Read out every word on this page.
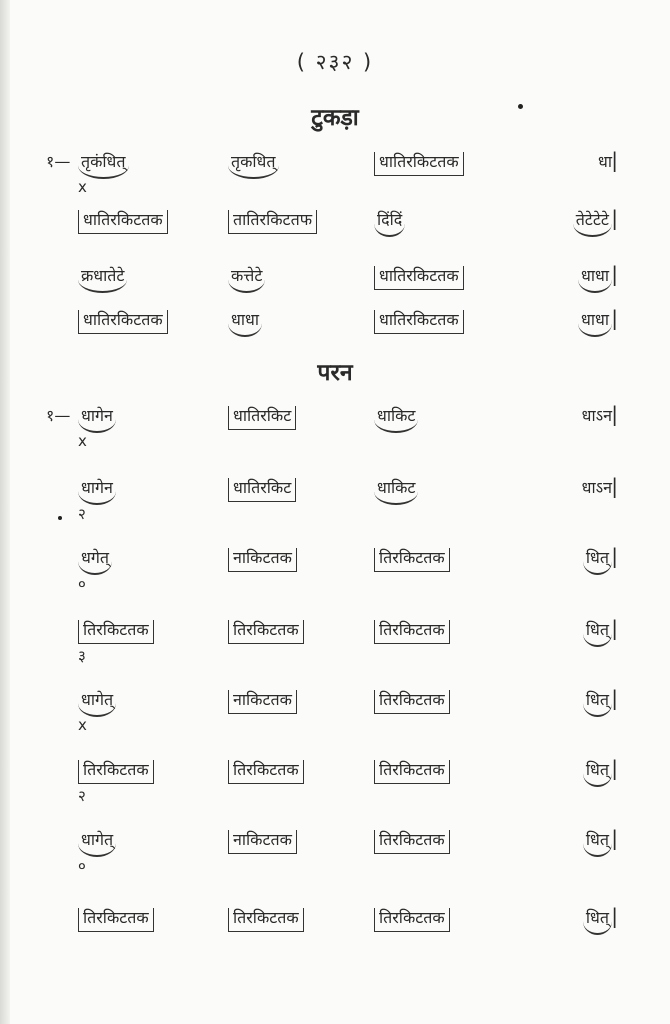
( २३२ )
टुकड़ा
१— तृकंधित्	तृकधित्	धातिरकिटतक	धा |
x
धातिरकिटतक	तातिरकिटतफ	दिंदिं	तेटेटेटे |
क्रधातेटे	कत्तेटे	धातिरकिटतक	धाधा |
धातिरकिटतक	धाधा	धातिरकिटतक	धाधा |
परन
१— धागेन	धातिरकिट	धाकिट	धाऽन |
x
धागेन	धातिरकिट	धाकिट	धाऽन |
२
धगेत्	नाकिटतक	तिरकिटतक	धित् |
०
तिरकिटतक	तिरकिटतक	तिरकिटतक	धित् |
३
धागेत्	नाकिटतक	तिरकिटतक	धित् |
x
तिरकिटतक	तिरकिटतक	तिरकिटतक	धित् |
२
धागेत्	नाकिटतक	तिरकिटतक	धित् |
०
तिरकिटतक	तिरकिटतक	तिरकिटतक	धित् |
